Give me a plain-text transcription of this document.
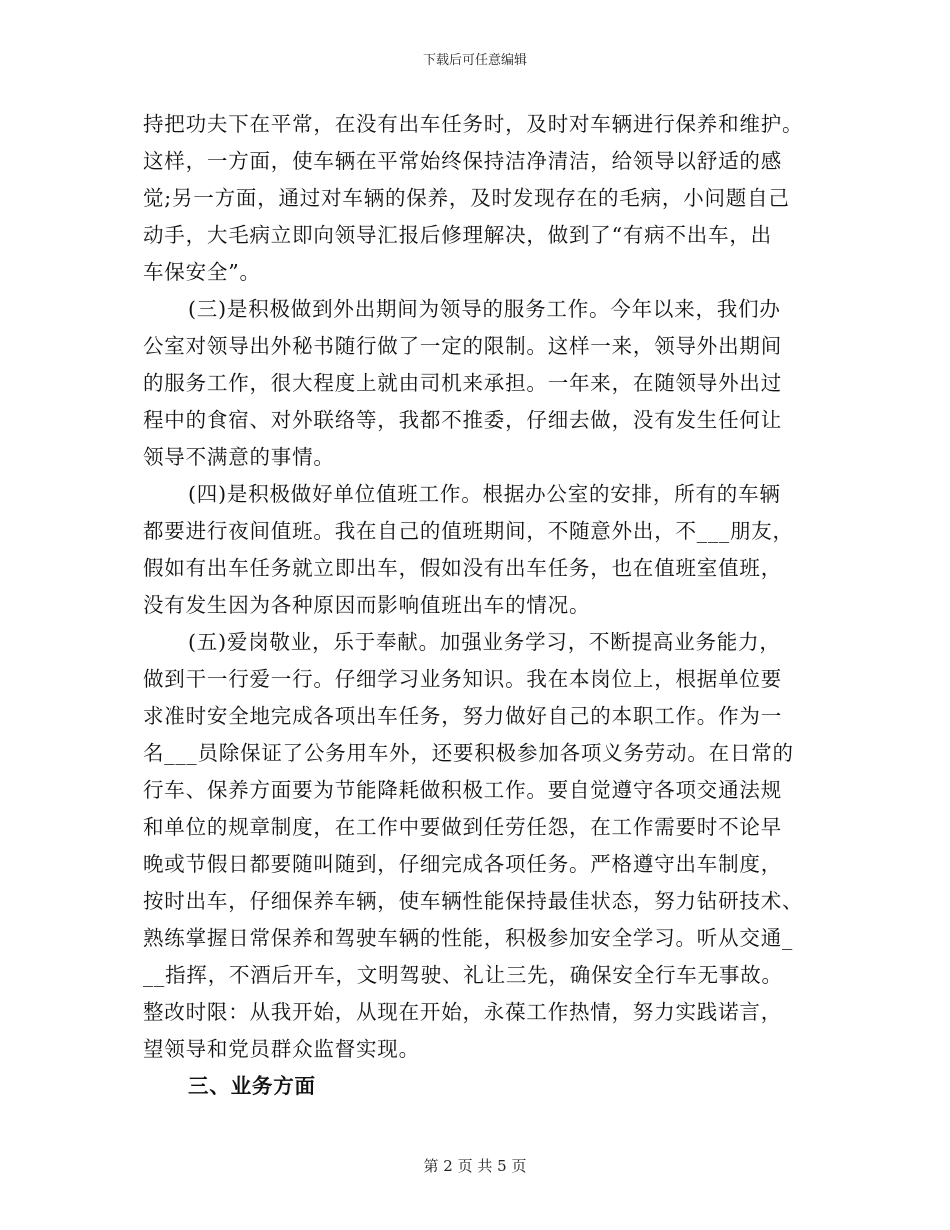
下载后可任意编辑
持把功夫下在平常，在没有出车任务时，及时对车辆进行保养和维护。
这样，一方面，使车辆在平常始终保持洁净清洁，给领导以舒适的感
觉;另一方面，通过对车辆的保养，及时发现存在的毛病，小问题自己
动手，大毛病立即向领导汇报后修理解决，做到了“有病不出车，出
车保安全”。
(三)是积极做到外出期间为领导的服务工作。今年以来，我们办
公室对领导出外秘书随行做了一定的限制。这样一来，领导外出期间
的服务工作，很大程度上就由司机来承担。一年来，在随领导外出过
程中的食宿、对外联络等，我都不推委，仔细去做，没有发生任何让
领导不满意的事情。
(四)是积极做好单位值班工作。根据办公室的安排，所有的车辆
都要进行夜间值班。我在自己的值班期间，不随意外出，不___朋友，
假如有出车任务就立即出车，假如没有出车任务，也在值班室值班，
没有发生因为各种原因而影响值班出车的情况。
(五)爱岗敬业，乐于奉献。加强业务学习，不断提高业务能力，
做到干一行爱一行。仔细学习业务知识。我在本岗位上，根据单位要
求准时安全地完成各项出车任务，努力做好自己的本职工作。作为一
名___员除保证了公务用车外，还要积极参加各项义务劳动。在日常的
行车、保养方面要为节能降耗做积极工作。要自觉遵守各项交通法规
和单位的规章制度，在工作中要做到任劳任怨，在工作需要时不论早
晚或节假日都要随叫随到，仔细完成各项任务。严格遵守出车制度，
按时出车，仔细保养车辆，使车辆性能保持最佳状态，努力钻研技术、
熟练掌握日常保养和驾驶车辆的性能，积极参加安全学习。听从交通_
__指挥，不酒后开车，文明驾驶、礼让三先，确保安全行车无事故。
整改时限：从我开始，从现在开始，永葆工作热情，努力实践诺言，
望领导和党员群众监督实现。
三、业务方面
第 2 页 共 5 页
